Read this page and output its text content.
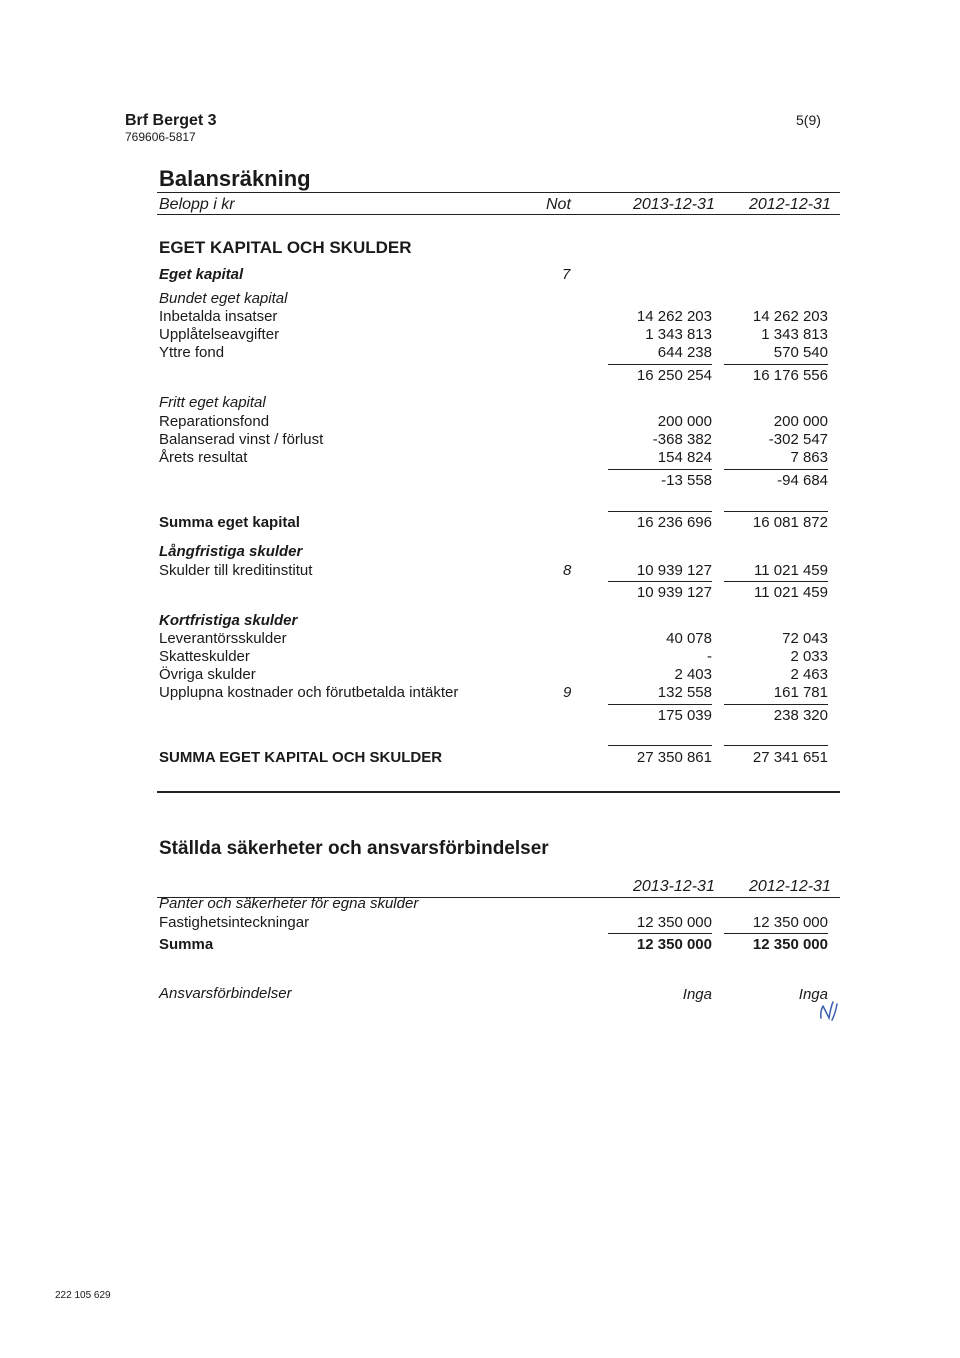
Brf Berget 3
769606-5817
5(9)
Balansräkning
Belopp i kr	Not	2013-12-31 2012-12-31
EGET KAPITAL OCH SKULDER
Eget kapital	7
Bundet eget kapital
Inbetalda insatser	14 262 203	14 262 203
Upplåtelseavgifter	1 343 813	1 343 813
Yttre fond	644 238	570 540
16 250 254	16 176 556
Fritt eget kapital
Reparationsfond	200 000	200 000
Balanserad vinst / förlust	-368 382	-302 547
Årets resultat	154 824	7 863
-13 558	-94 684
Summa eget kapital	16 236 696	16 081 872
Långfristiga skulder
Skulder till kreditinstitut	8	10 939 127	11 021 459
10 939 127	11 021 459
Kortfristiga skulder
Leverantörsskulder	40 078	72 043
Skatteskulder	-	2 033
Övriga skulder	2 403	2 463
Upplupna kostnader och förutbetalda intäkter	9	132 558	161 781
175 039	238 320
SUMMA EGET KAPITAL OCH SKULDER	27 350 861	27 341 651
Ställda säkerheter och ansvarsförbindelser
2013-12-31 2012-12-31
Panter och säkerheter för egna skulder
Fastighetsinteckningar	12 350 000	12 350 000
Summa	12 350 000	12 350 000
Ansvarsförbindelser	Inga	Inga
222 105 629
